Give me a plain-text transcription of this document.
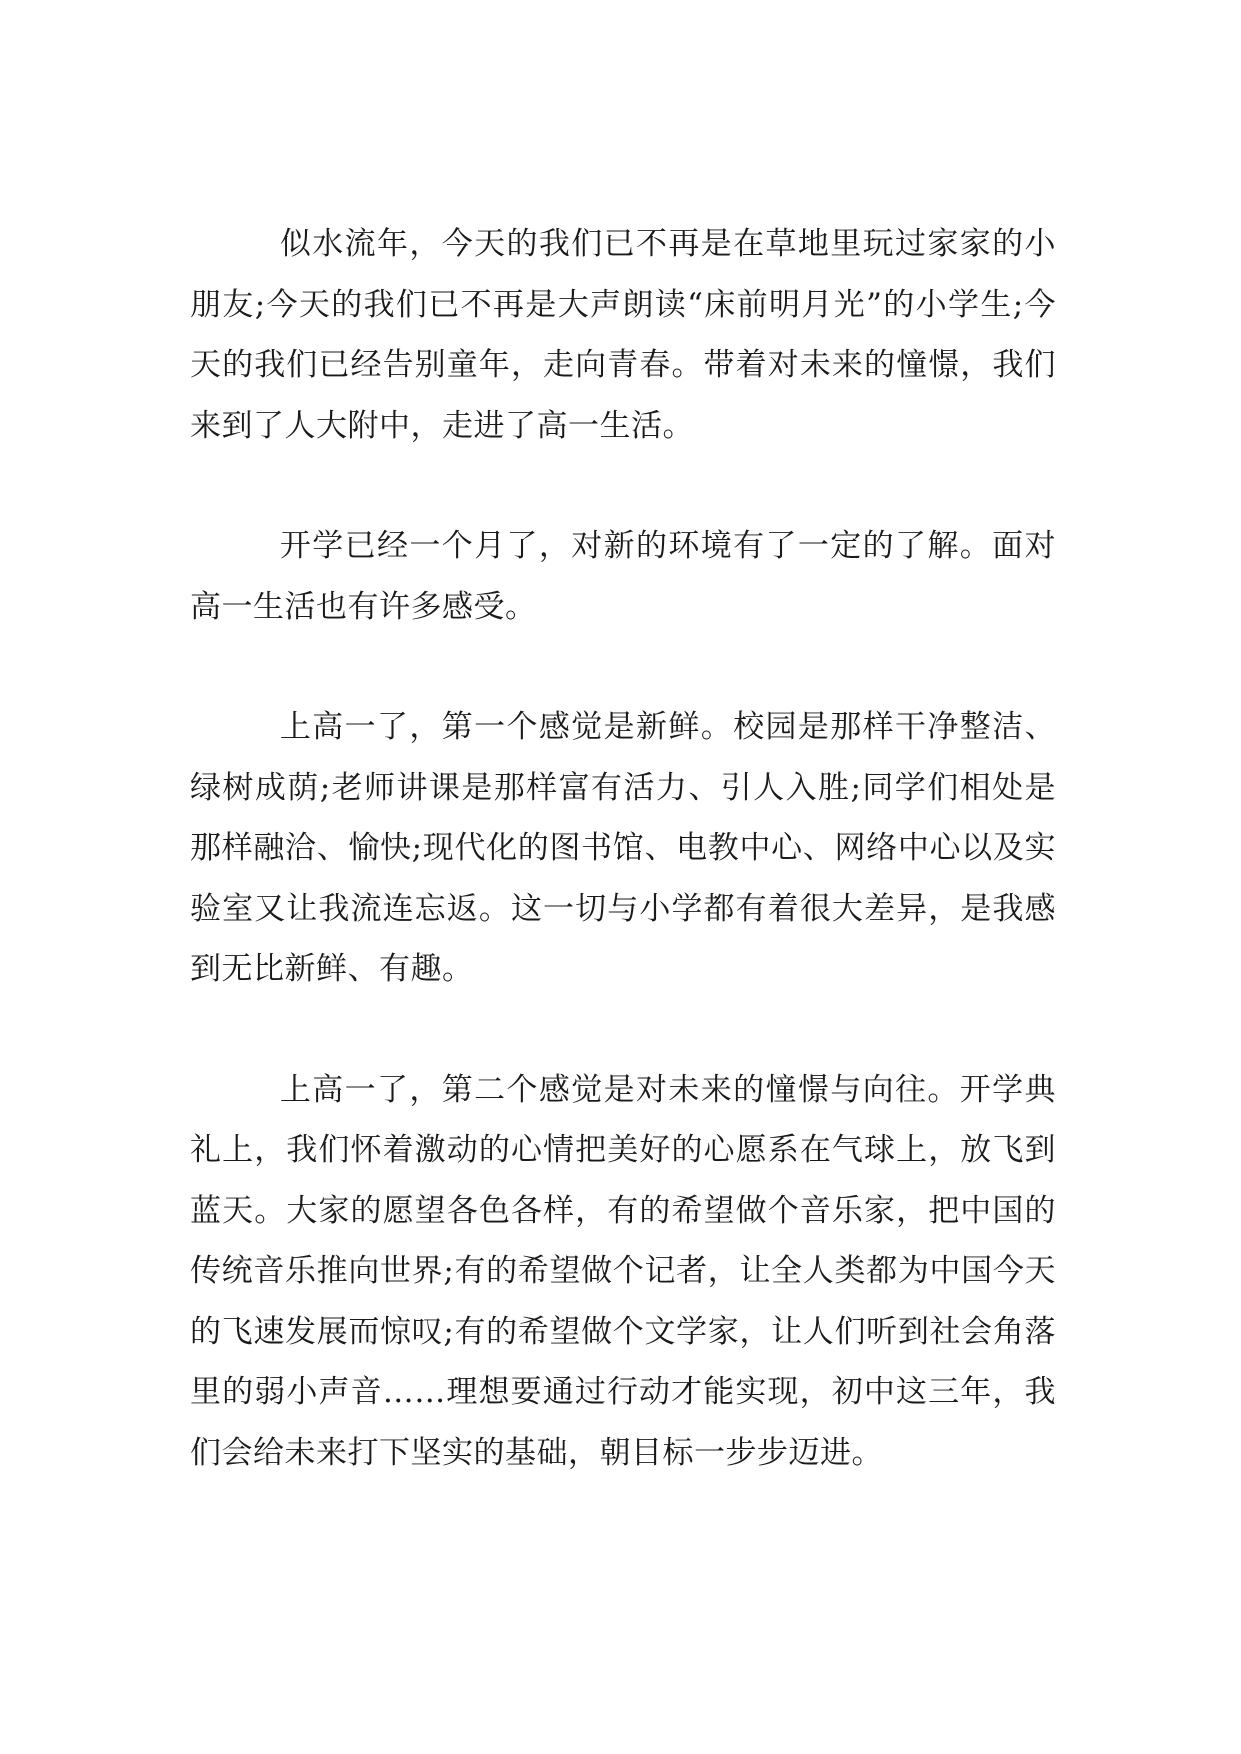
似水流年，今天的我们已不再是在草地里玩过家家的小朋友;今天的我们已不再是大声朗读“床前明月光”的小学生;今天的我们已经告别童年，走向青春。带着对未来的憧憬，我们来到了人大附中，走进了高一生活。

开学已经一个月了，对新的环境有了一定的了解。面对高一生活也有许多感受。

上高一了，第一个感觉是新鲜。校园是那样干净整洁、绿树成荫;老师讲课是那样富有活力、引人入胜;同学们相处是那样融洽、愉快;现代化的图书馆、电教中心、网络中心以及实验室又让我流连忘返。这一切与小学都有着很大差异，是我感到无比新鲜、有趣。

上高一了，第二个感觉是对未来的憧憬与向往。开学典礼上，我们怀着激动的心情把美好的心愿系在气球上，放飞到蓝天。大家的愿望各色各样，有的希望做个音乐家，把中国的传统音乐推向世界;有的希望做个记者，让全人类都为中国今天的飞速发展而惊叹;有的希望做个文学家，让人们听到社会角落里的弱小声音……理想要通过行动才能实现，初中这三年，我们会给未来打下坚实的基础，朝目标一步步迈进。
